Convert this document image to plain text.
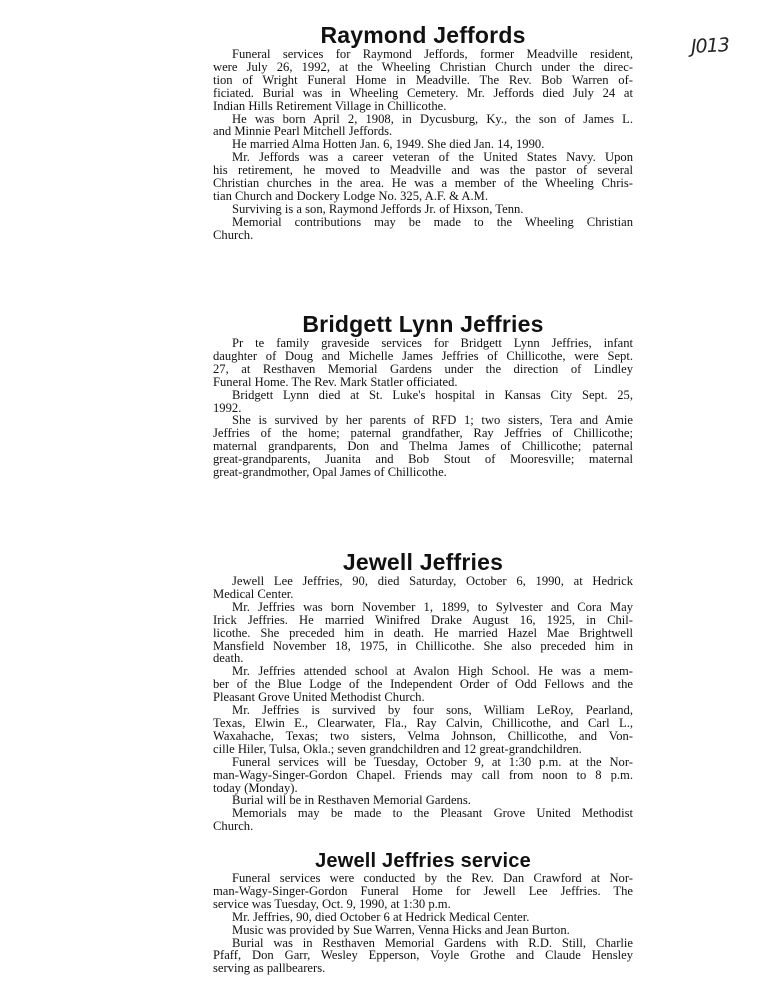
J013
Raymond Jeffords
Funeral services for Raymond Jeffords, former Meadville resident,
were July 26, 1992, at the Wheeling Christian Church under the direc-
tion of Wright Funeral Home in Meadville. The Rev. Bob Warren of-
ficiated. Burial was in Wheeling Cemetery. Mr. Jeffords died July 24 at
Indian Hills Retirement Village in Chillicothe.
He was born April 2, 1908, in Dycusburg, Ky., the son of James L.
and Minnie Pearl Mitchell Jeffords.
He married Alma Hotten Jan. 6, 1949. She died Jan. 14, 1990.
Mr. Jeffords was a career veteran of the United States Navy. Upon
his retirement, he moved to Meadville and was the pastor of several
Christian churches in the area. He was a member of the Wheeling Chris-
tian Church and Dockery Lodge No. 325, A.F. & A.M.
Surviving is a son, Raymond Jeffords Jr. of Hixson, Tenn.
Memorial contributions may be made to the Wheeling Christian
Church.
Bridgett Lynn Jeffries
Pr te family graveside services for Bridgett Lynn Jeffries, infant
daughter of Doug and Michelle James Jeffries of Chillicothe, were Sept.
27, at Resthaven Memorial Gardens under the direction of Lindley
Funeral Home. The Rev. Mark Statler officiated.
Bridgett Lynn died at St. Luke's hospital in Kansas City Sept. 25,
1992.
She is survived by her parents of RFD 1; two sisters, Tera and Amie
Jeffries of the home; paternal grandfather, Ray Jeffries of Chillicothe;
maternal grandparents, Don and Thelma James of Chillicothe; paternal
great-grandparents, Juanita and Bob Stout of Mooresville; maternal
great-grandmother, Opal James of Chillicothe.
Jewell Jeffries
Jewell Lee Jeffries, 90, died Saturday, October 6, 1990, at Hedrick
Medical Center.
Mr. Jeffries was born November 1, 1899, to Sylvester and Cora May
Irick Jeffries. He married Winifred Drake August 16, 1925, in Chil-
licothe. She preceded him in death. He married Hazel Mae Brightwell
Mansfield November 18, 1975, in Chillicothe. She also preceded him in
death.
Mr. Jeffries attended school at Avalon High School. He was a mem-
ber of the Blue Lodge of the Independent Order of Odd Fellows and the
Pleasant Grove United Methodist Church.
Mr. Jeffries is survived by four sons, William LeRoy, Pearland,
Texas, Elwin E., Clearwater, Fla., Ray Calvin, Chillicothe, and Carl L.,
Waxahache, Texas; two sisters, Velma Johnson, Chillicothe, and Von-
cille Hiler, Tulsa, Okla.; seven grandchildren and 12 great-grandchildren.
Funeral services will be Tuesday, October 9, at 1:30 p.m. at the Nor-
man-Wagy-Singer-Gordon Chapel. Friends may call from noon to 8 p.m.
today (Monday).
Burial will be in Resthaven Memorial Gardens.
Memorials may be made to the Pleasant Grove United Methodist
Church.
Jewell Jeffries service
Funeral services were conducted by the Rev. Dan Crawford at Nor-
man-Wagy-Singer-Gordon Funeral Home for Jewell Lee Jeffries. The
service was Tuesday, Oct. 9, 1990, at 1:30 p.m.
Mr. Jeffries, 90, died October 6 at Hedrick Medical Center.
Music was provided by Sue Warren, Venna Hicks and Jean Burton.
Burial was in Resthaven Memorial Gardens with R.D. Still, Charlie
Pfaff, Don Garr, Wesley Epperson, Voyle Grothe and Claude Hensley
serving as pallbearers.
